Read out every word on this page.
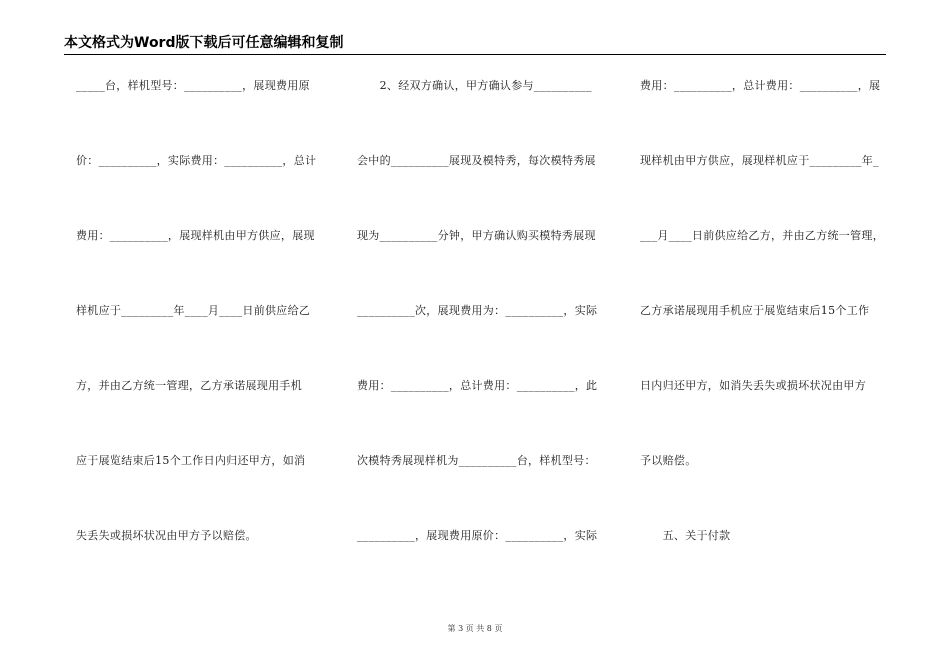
本文格式为Word版下载后可任意编辑和复制
_____台，样机型号：__________，展现费用原
价：__________，实际费用：__________，总计
费用：__________，展现样机由甲方供应，展现
样机应于_________年____月____日前供应给乙
方，并由乙方统一管理，乙方承诺展现用手机
应于展览结束后15个工作日内归还甲方，如消
失丢失或损坏状况由甲方予以赔偿。
　　2、经双方确认，甲方确认参与__________
会中的__________展现及模特秀，每次模特秀展
现为__________分钟，甲方确认购买模特秀展现
__________次，展现费用为：__________，实际
费用：__________，总计费用：__________，此
次模特秀展现样机为__________台，样机型号：
__________，展现费用原价：__________，实际
费用：__________，总计费用：__________，展
现样机由甲方供应，展现样机应于_________年_
___月____日前供应给乙方，并由乙方统一管理，
乙方承诺展现用手机应于展览结束后15个工作
日内归还甲方，如消失丢失或损坏状况由甲方
予以赔偿。
　　五、关于付款
第 3 页 共 8 页
